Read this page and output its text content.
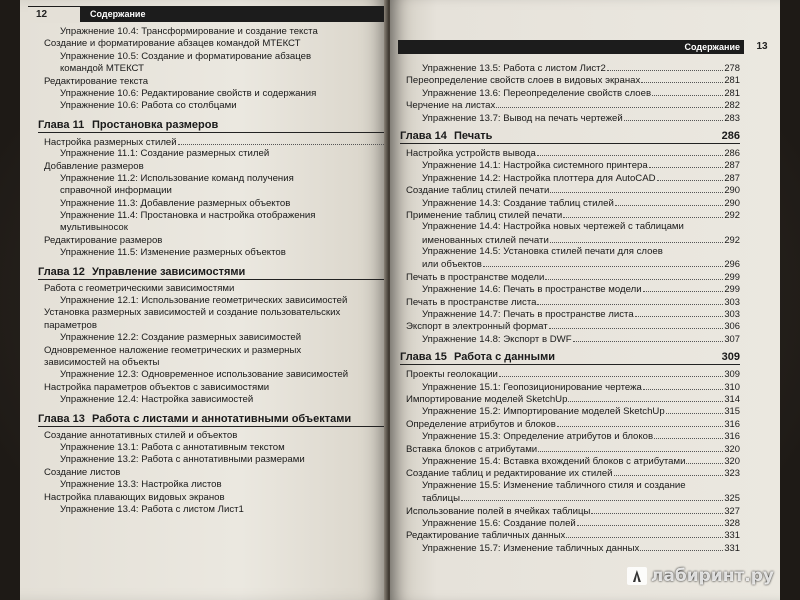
12	Содержание
Упражнение 10.4: Трансформирование и создание текста
Создание и форматирование абзацев командой МТЕКСТ
Упражнение 10.5: Создание и форматирование абзацев
командой МТЕКСТ
Редактирование текста
Упражнение 10.6: Редактирование свойств и содержания
Упражнение 10.6: Работа со столбцами
Глава 11 Простановка размеров
Настройка размерных стилей
Упражнение 11.1: Создание размерных стилей
Добавление размеров
Упражнение 11.2: Использование команд получения
справочной информации
Упражнение 11.3: Добавление размерных объектов
Упражнение 11.4: Простановка и настройка отображения
мультивыносок
Редактирование размеров
Упражнение 11.5: Изменение размерных объектов
Глава 12 Управление зависимостями
Работа с геометрическими зависимостями
Упражнение 12.1: Использование геометрических зависимостей
Установка размерных зависимостей и создание пользовательских
параметров
Упражнение 12.2: Создание размерных зависимостей
Одновременное наложение геометрических и размерных
зависимостей на объекты
Упражнение 12.3: Одновременное использование зависимостей
Настройка параметров объектов с зависимостями
Упражнение 12.4: Настройка зависимостей
Глава 13 Работа с листами и аннотативными объектами
Создание аннотативных стилей и объектов
Упражнение 13.1: Работа с аннотативным текстом
Упражнение 13.2: Работа с аннотативными размерами
Создание листов
Упражнение 13.3: Настройка листов
Настройка плавающих видовых экранов
Упражнение 13.4: Работа с листом Лист1
Содержание	13
Упражнение 13.5: Работа с листом Лист2	278
Переопределение свойств слоев в видовых экранах	281
Упражнение 13.6: Переопределение свойств слоев	281
Черчение на листах	282
Упражнение 13.7: Вывод на печать чертежей	283
Глава 14 Печать	286
Настройка устройств вывода	286
Упражнение 14.1: Настройка системного принтера	287
Упражнение 14.2: Настройка плоттера для AutoCAD	287
Создание таблиц стилей печати	290
Упражнение 14.3: Создание таблиц стилей	290
Применение таблиц стилей печати	292
Упражнение 14.4: Настройка новых чертежей с таблицами
именованных стилей печати	292
Упражнение 14.5: Установка стилей печати для слоев
или объектов	296
Печать в пространстве модели	299
Упражнение 14.6: Печать в пространстве модели	299
Печать в пространстве листа	303
Упражнение 14.7: Печать в пространстве листа	303
Экспорт в электронный формат	306
Упражнение 14.8: Экспорт в DWF	307
Глава 15 Работа с данными	309
Проекты геолокации	309
Упражнение 15.1: Геопозиционирование чертежа	310
Импортирование моделей SketchUp	314
Упражнение 15.2: Импортирование моделей SketchUp	315
Определение атрибутов и блоков	316
Упражнение 15.3: Определение атрибутов и блоков	316
Вставка блоков с атрибутами	320
Упражнение 15.4: Вставка вхождений блоков с атрибутами	320
Создание таблиц и редактирование их стилей	323
Упражнение 15.5: Изменение табличного стиля и создание
таблицы	325
Использование полей в ячейках таблицы	327
Упражнение 15.6: Создание полей	328
Редактирование табличных данных	331
Упражнение 15.7: Изменение табличных данных	331
лабиринт.ру
